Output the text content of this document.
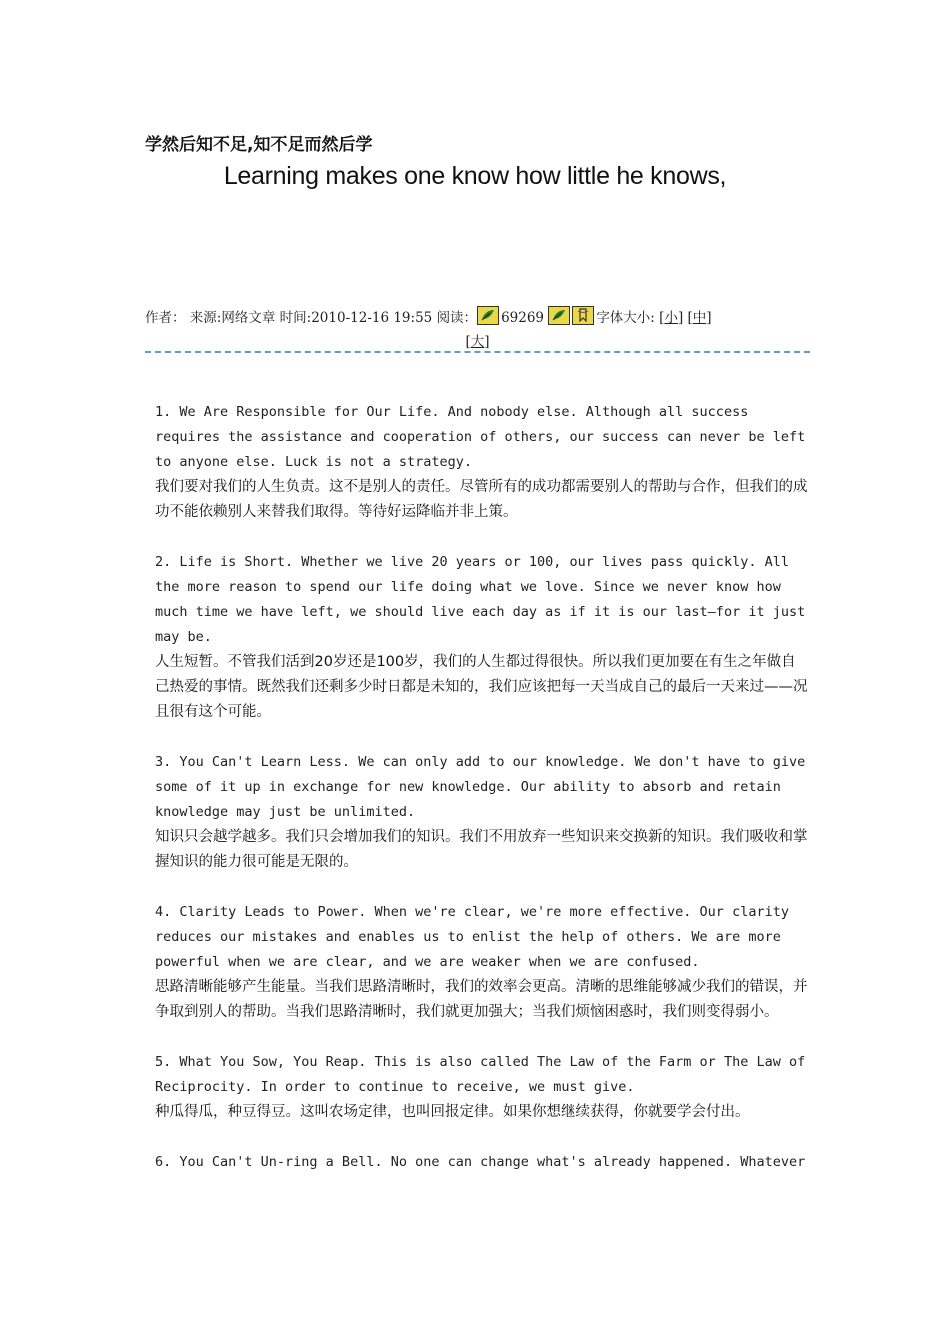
学然后知不足,知不足而然后学
Learning makes one know how little he knows,
作者： 来源:网络文章 时间:2010-12-16 19:55 阅读： 69269	字体大小: [小] [中]
[大]
1. We Are Responsible for Our Life. And nobody else. Although all success requires the assistance and cooperation of others, our success can never be left to anyone else. Luck is not a strategy.
我们要对我们的人生负责。这不是别人的责任。尽管所有的成功都需要别人的帮助与合作，但我们的成功不能依赖别人来替我们取得。等待好运降临并非上策。
2. Life is Short. Whether we live 20 years or 100, our lives pass quickly. All the more reason to spend our life doing what we love. Since we never know how much time we have left, we should live each day as if it is our last—for it just may be.
人生短暂。不管我们活到20岁还是100岁，我们的人生都过得很快。所以我们更加要在有生之年做自己热爱的事情。既然我们还剩多少时日都是未知的，我们应该把每一天当成自己的最后一天来过——况且很有这个可能。
3. You Can't Learn Less. We can only add to our knowledge. We don't have to give some of it up in exchange for new knowledge. Our ability to absorb and retain knowledge may just be unlimited.
知识只会越学越多。我们只会增加我们的知识。我们不用放弃一些知识来交换新的知识。我们吸收和掌握知识的能力很可能是无限的。
4. Clarity Leads to Power. When we're clear, we're more effective. Our clarity reduces our mistakes and enables us to enlist the help of others. We are more powerful when we are clear, and we are weaker when we are confused.
思路清晰能够产生能量。当我们思路清晰时，我们的效率会更高。清晰的思维能够减少我们的错误，并争取到别人的帮助。当我们思路清晰时，我们就更加强大；当我们烦恼困惑时，我们则变得弱小。
5. What You Sow, You Reap. This is also called The Law of the Farm or The Law of Reciprocity. In order to continue to receive, we must give.
种瓜得瓜，种豆得豆。这叫农场定律，也叫回报定律。如果你想继续获得，你就要学会付出。
6. You Can't Un-ring a Bell. No one can change what's already happened. Whatever
